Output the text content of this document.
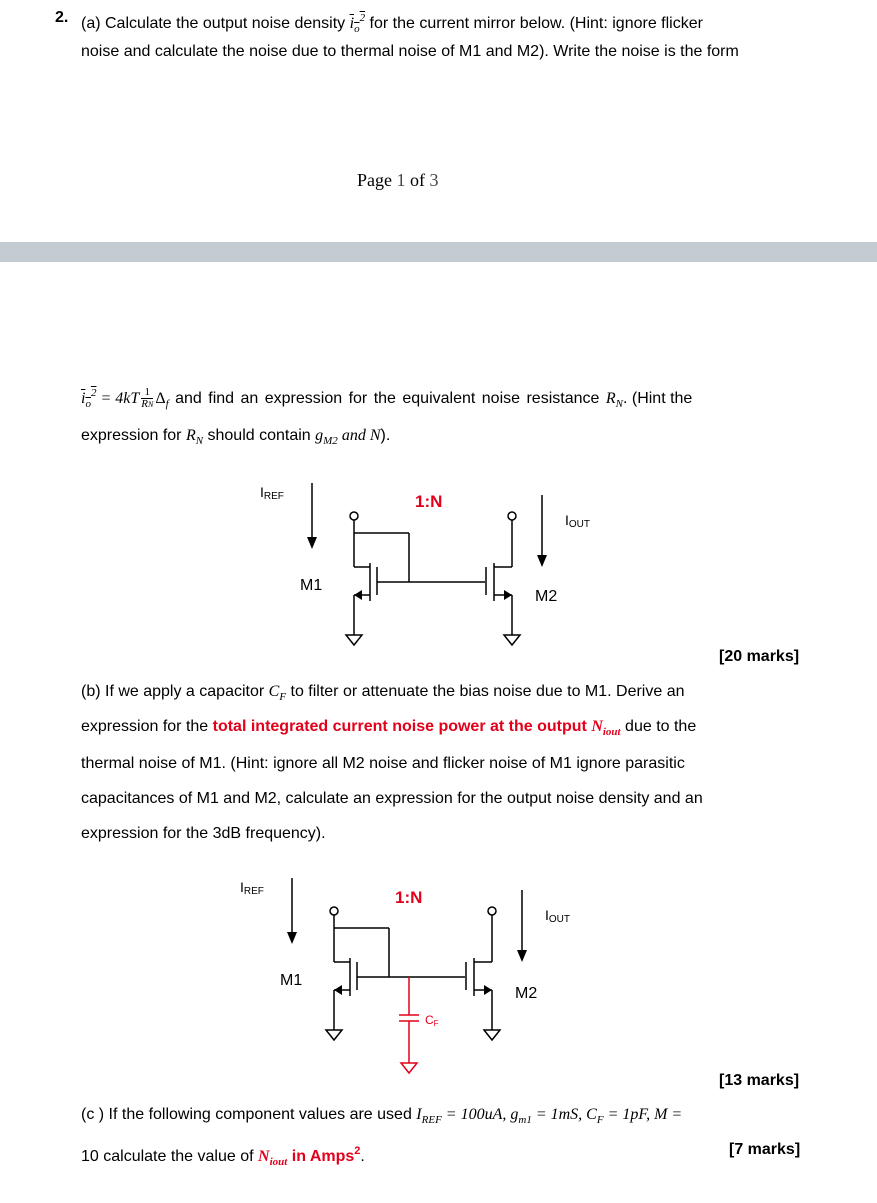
2. (a) Calculate the output noise density $i_o^2$ for the current mirror below. (Hint: ignore flicker
noise and calculate the noise due to thermal noise of M1 and M2). Write the noise is the form
Page 1 of 3
$i_o^2 = 4kT \frac{1}{RN} \Delta_f$ and find an expression for the equivalent noise resistance $R_N$. (Hint the
expression for $R_N$ should contain $g_{M2}$ and N).
IREF	1:N
IOUT
M1
M2
[20 marks]
(b) If we apply a capacitor $C_F$ to filter or attenuate the bias noise due to M1. Derive an
expression for the total integrated current noise power at the output $N_{iout}$ due to the
thermal noise of M1. (Hint: ignore all M2 noise and flicker noise of M1 ignore parasitic
capacitances of M1 and M2, calculate an expression for the output noise density and an
expression for the 3dB frequency).
IREF	1:N
IOUT
M1
M2
CF
[13 marks]
(c ) If the following component values are used $I_{REF} = 100uA$, $g_{m1} = 1mS$, $C_F = 1pF$, M =
10 calculate the value of $N_{iout}$ in Amps$^2$.	[7 marks]
